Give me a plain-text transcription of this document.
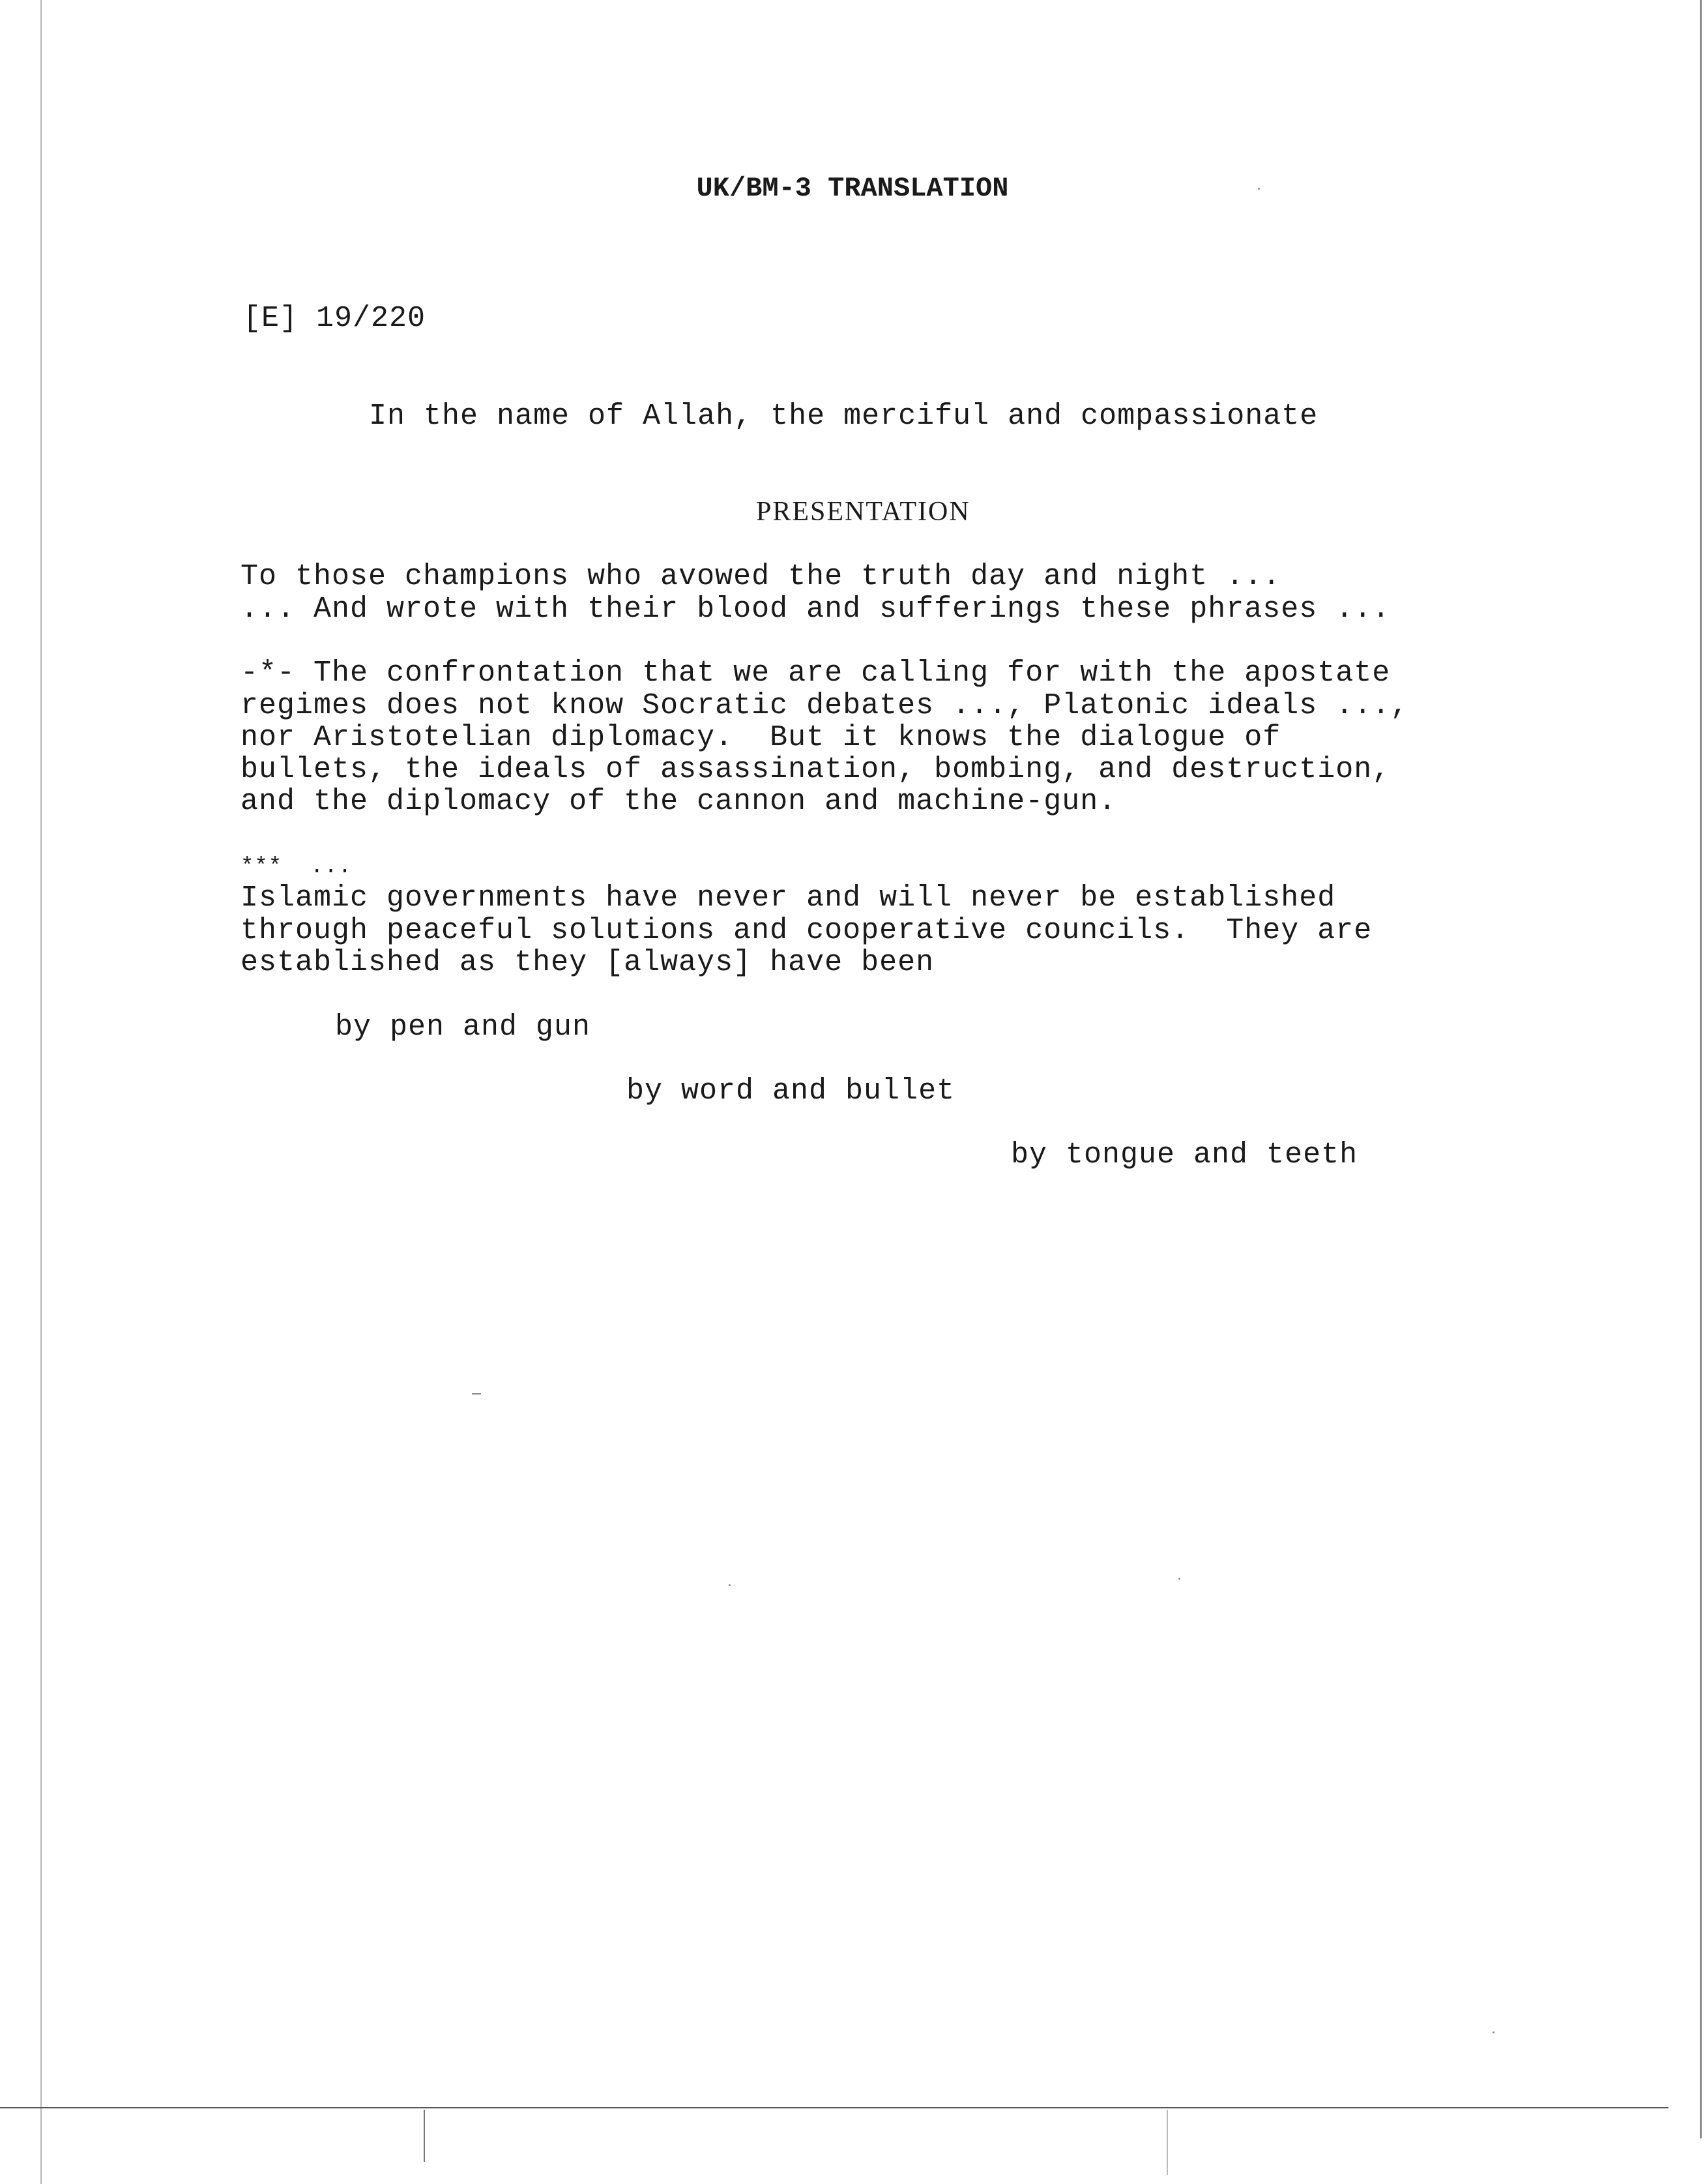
UK/BM-3 TRANSLATION
[E] 19/220
In the name of Allah, the merciful and compassionate
PRESENTATION
To those champions who avowed the truth day and night ...
... And wrote with their blood and sufferings these phrases ...
-*- The confrontation that we are calling for with the apostate
regimes does not know Socratic debates ..., Platonic ideals ...,
nor Aristotelian diplomacy.  But it knows the dialogue of
bullets, the ideals of assassination, bombing, and destruction,
and the diplomacy of the cannon and machine-gun.
***  ...
Islamic governments have never and will never be established
through peaceful solutions and cooperative councils.  They are
established as they [always] have been
by pen and gun
by word and bullet
by tongue and teeth
